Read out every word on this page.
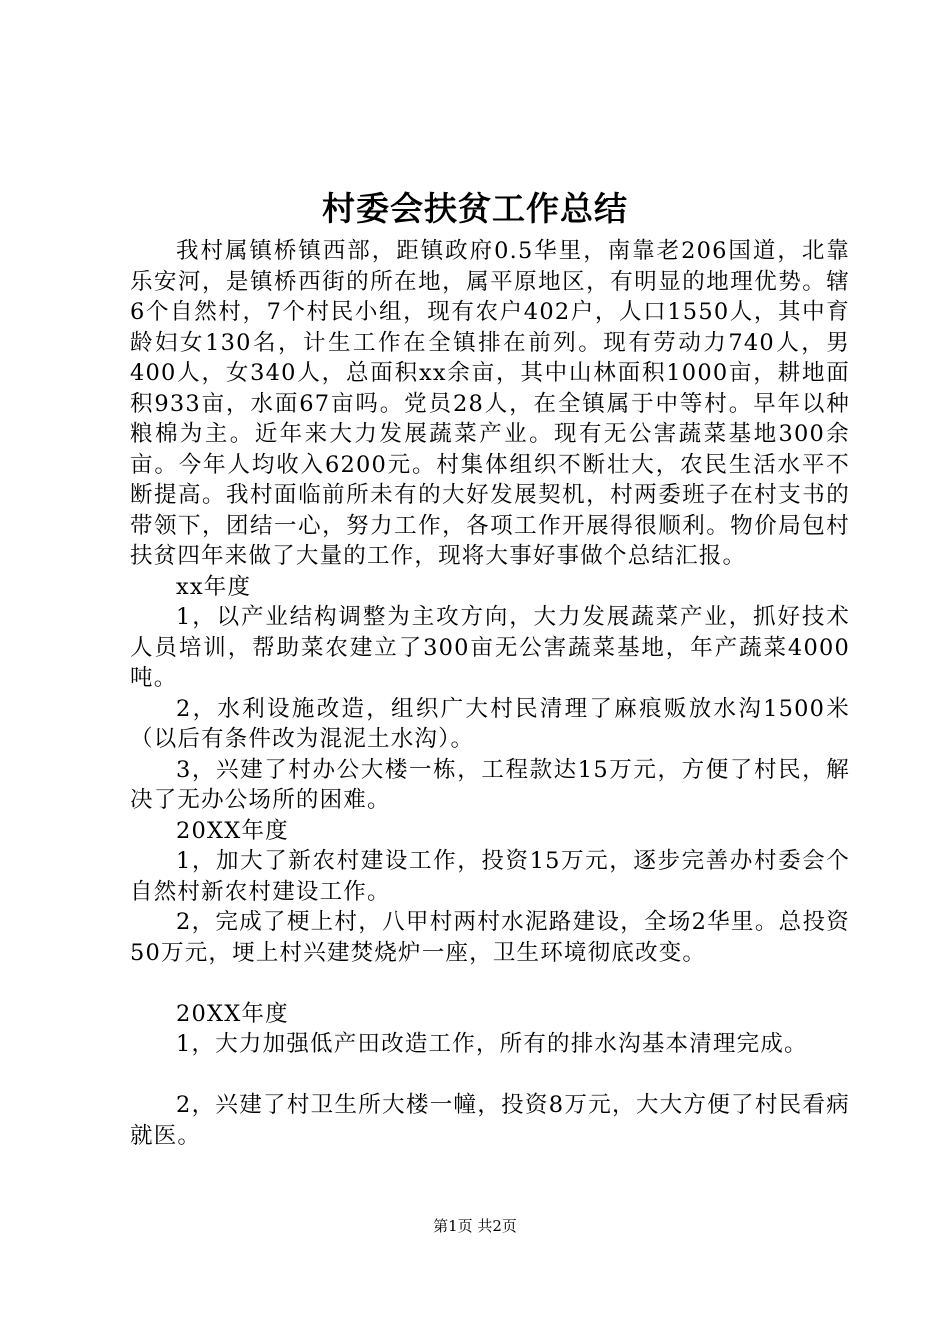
村委会扶贫工作总结

我村属镇桥镇西部，距镇政府0.5华里，南靠老206国道，北靠乐安河，是镇桥西街的所在地，属平原地区，有明显的地理优势。辖6个自然村，7个村民小组，现有农户402户，人口1550人，其中育龄妇女130名，计生工作在全镇排在前列。现有劳动力740人，男400人，女340人，总面积xx余亩，其中山林面积1000亩，耕地面积933亩，水面67亩吗。党员28人，在全镇属于中等村。早年以种粮棉为主。近年来大力发展蔬菜产业。现有无公害蔬菜基地300余亩。今年人均收入6200元。村集体组织不断壮大，农民生活水平不断提高。我村面临前所未有的大好发展契机，村两委班子在村支书的带领下，团结一心，努力工作，各项工作开展得很顺利。物价局包村扶贫四年来做了大量的工作，现将大事好事做个总结汇报。

xx年度

1，以产业结构调整为主攻方向，大力发展蔬菜产业，抓好技术人员培训，帮助菜农建立了300亩无公害蔬菜基地，年产蔬菜4000吨。

2，水利设施改造，组织广大村民清理了麻痕贩放水沟1500米（以后有条件改为混泥土水沟）。

3，兴建了村办公大楼一栋，工程款达15万元，方便了村民，解决了无办公场所的困难。

20XX年度

1，加大了新农村建设工作，投资15万元，逐步完善办村委会个自然村新农村建设工作。

2，完成了梗上村，八甲村两村水泥路建设，全场2华里。总投资50万元，埂上村兴建焚烧炉一座，卫生环境彻底改变。

20XX年度

1，大力加强低产田改造工作，所有的排水沟基本清理完成。

2，兴建了村卫生所大楼一幢，投资8万元，大大方便了村民看病就医。

第1页 共2页
